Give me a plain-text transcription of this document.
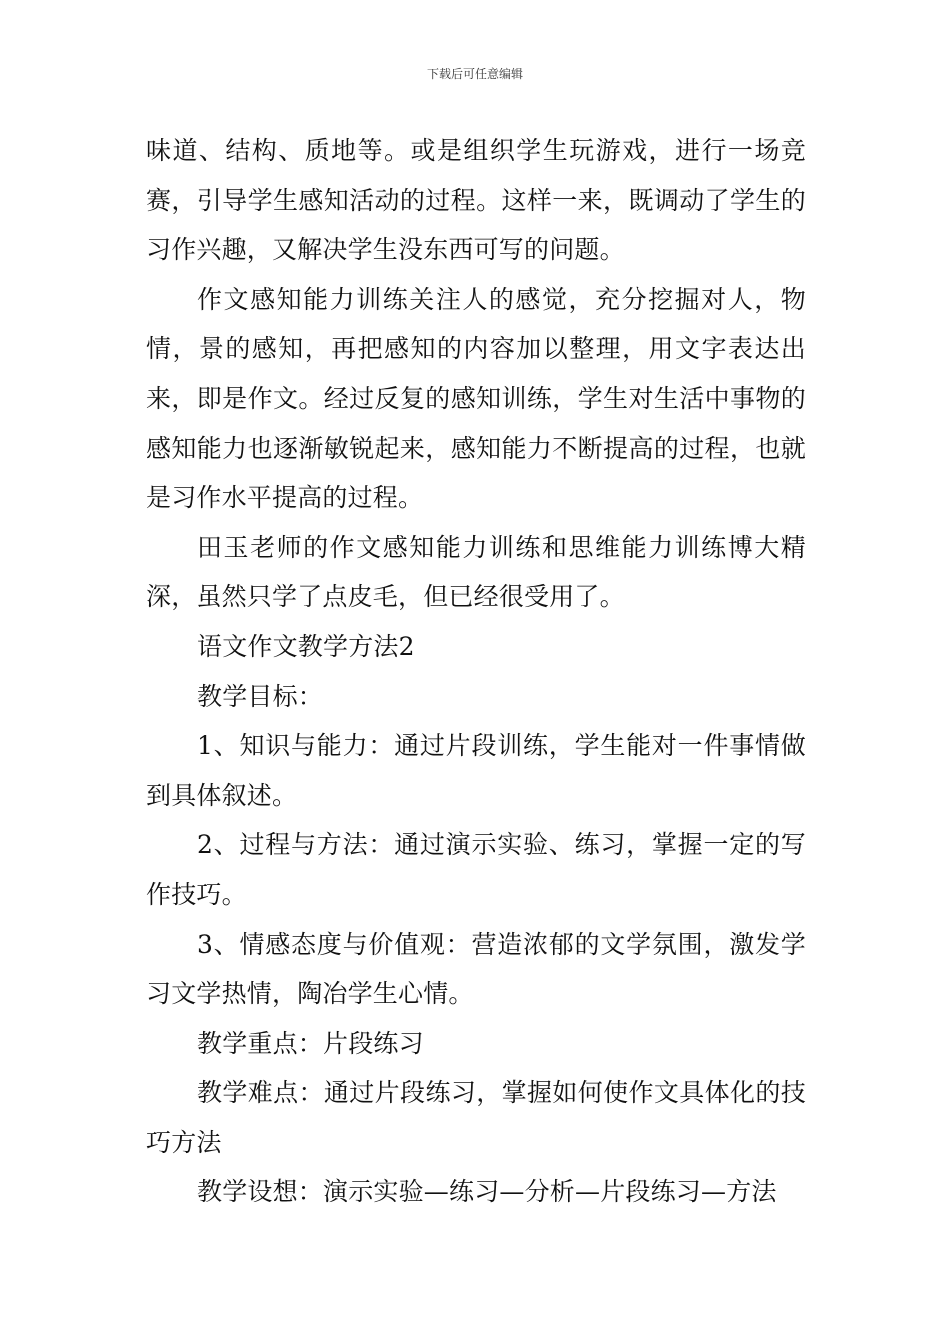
下载后可任意编辑

味道、结构、质地等。或是组织学生玩游戏，进行一场竞赛，引导学生感知活动的过程。这样一来，既调动了学生的习作兴趣，又解决学生没东西可写的问题。

作文感知能力训练关注人的感觉，充分挖掘对人，物情，景的感知，再把感知的内容加以整理，用文字表达出来，即是作文。经过反复的感知训练，学生对生活中事物的感知能力也逐渐敏锐起来，感知能力不断提高的过程，也就是习作水平提高的过程。

田玉老师的作文感知能力训练和思维能力训练博大精深，虽然只学了点皮毛，但已经很受用了。

语文作文教学方法2

教学目标：

1、知识与能力：通过片段训练，学生能对一件事情做到具体叙述。

2、过程与方法：通过演示实验、练习，掌握一定的写作技巧。

3、情感态度与价值观：营造浓郁的文学氛围，激发学习文学热情，陶冶学生心情。

教学重点：片段练习

教学难点：通过片段练习，掌握如何使作文具体化的技巧方法

教学设想：演示实验—练习—分析—片段练习—方法
